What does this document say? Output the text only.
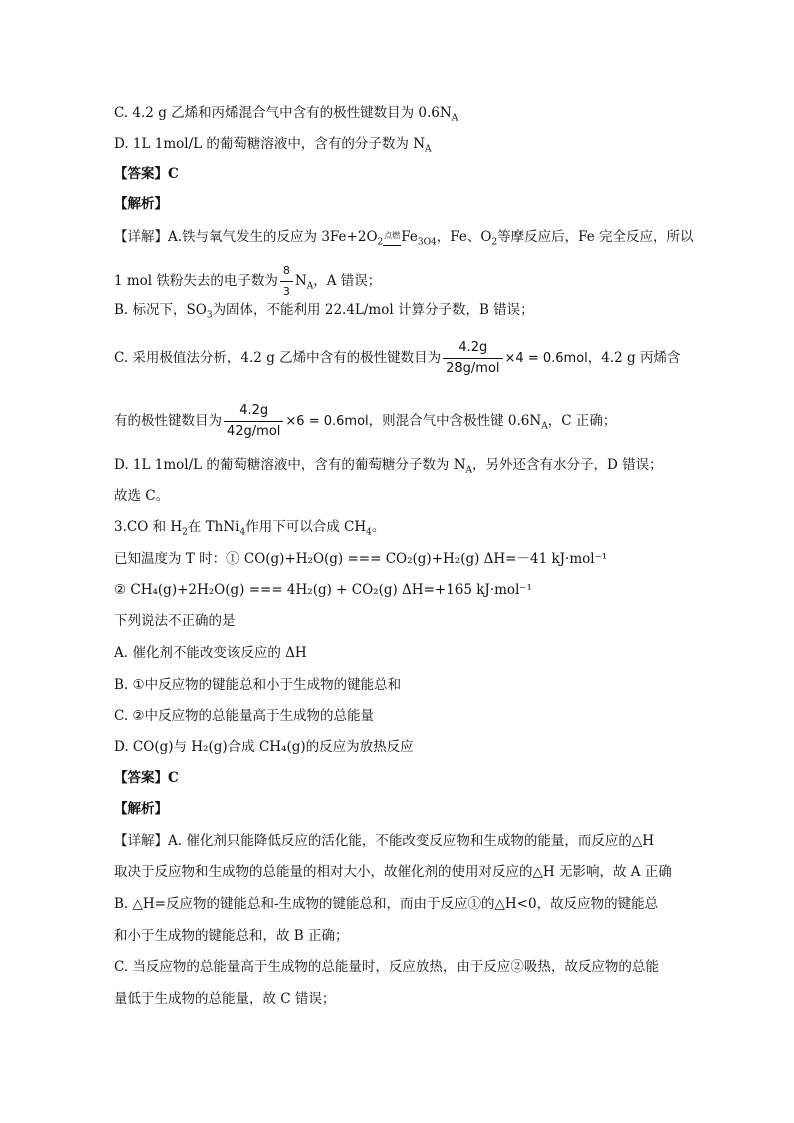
C. 4.2 g 乙烯和丙烯混合气中含有的极性键数目为 $0.6N_A$
D. 1L 1mol/L 的葡萄糖溶液中，含有的分子数为 $N_A$
【答案】C
【解析】
【详解】A.铁与氧气发生的反应为 $3Fe+2O_2$点燃$Fe_{3O4}$，Fe、$O_2$等摩反应后，Fe 完全反应，所以
1 mol 铁粉失去的电子数为 $\frac{8}{3} N_A$，A 错误；
B. 标况下，$SO_3$为固体，不能利用 22.4L/mol 计算分子数，B 错误；
C. 采用极值法分析，4.2 g 乙烯中含有的极性键数目为 $\frac{4.2g}{\text{28g/mol}} \times 4 = 0.6mol$，4.2 g 丙烯含
有的极性键数目为 $\frac{4.2g}{\text{42g/mol}} \times 6 = 0.6mol$，则混合气中含极性键 $0.6N_A$，C 正确；
D. 1L 1mol/L 的葡萄糖溶液中，含有的葡萄糖分子数为 $N_A$，另外还含有水分子，D 错误；
故选 C。
3.CO 和 $H_2$在 ThNi$_4$作用下可以合成 $CH_4$。
已知温度为 T 时：① CO(g)+H₂O(g) === CO₂(g)+H₂(g) ΔH=－41 kJ·mol⁻¹
② CH₄(g)+2H₂O(g) === 4H₂(g) + CO₂(g) ΔH=+165 kJ·mol⁻¹
下列说法不正确的是
A. 催化剂不能改变该反应的 ΔH
B. ①中反应物的键能总和小于生成物的键能总和
C. ②中反应物的总能量高于生成物的总能量
D. CO(g)与 H₂(g)合成 CH₄(g)的反应为放热反应
【答案】C
【解析】
【详解】A. 催化剂只能降低反应的活化能，不能改变反应物和生成物的能量，而反应的△H
取决于反应物和生成物的总能量的相对大小，故催化剂的使用对反应的△H 无影响，故 A 正确
B. △H=反应物的键能总和-生成物的键能总和，而由于反应①的△H<0，故反应物的键能总
和小于生成物的键能总和，故 B 正确；
C. 当反应物的总能量高于生成物的总能量时，反应放热，由于反应②吸热，故反应物的总能
量低于生成物的总能量，故 C 错误；
